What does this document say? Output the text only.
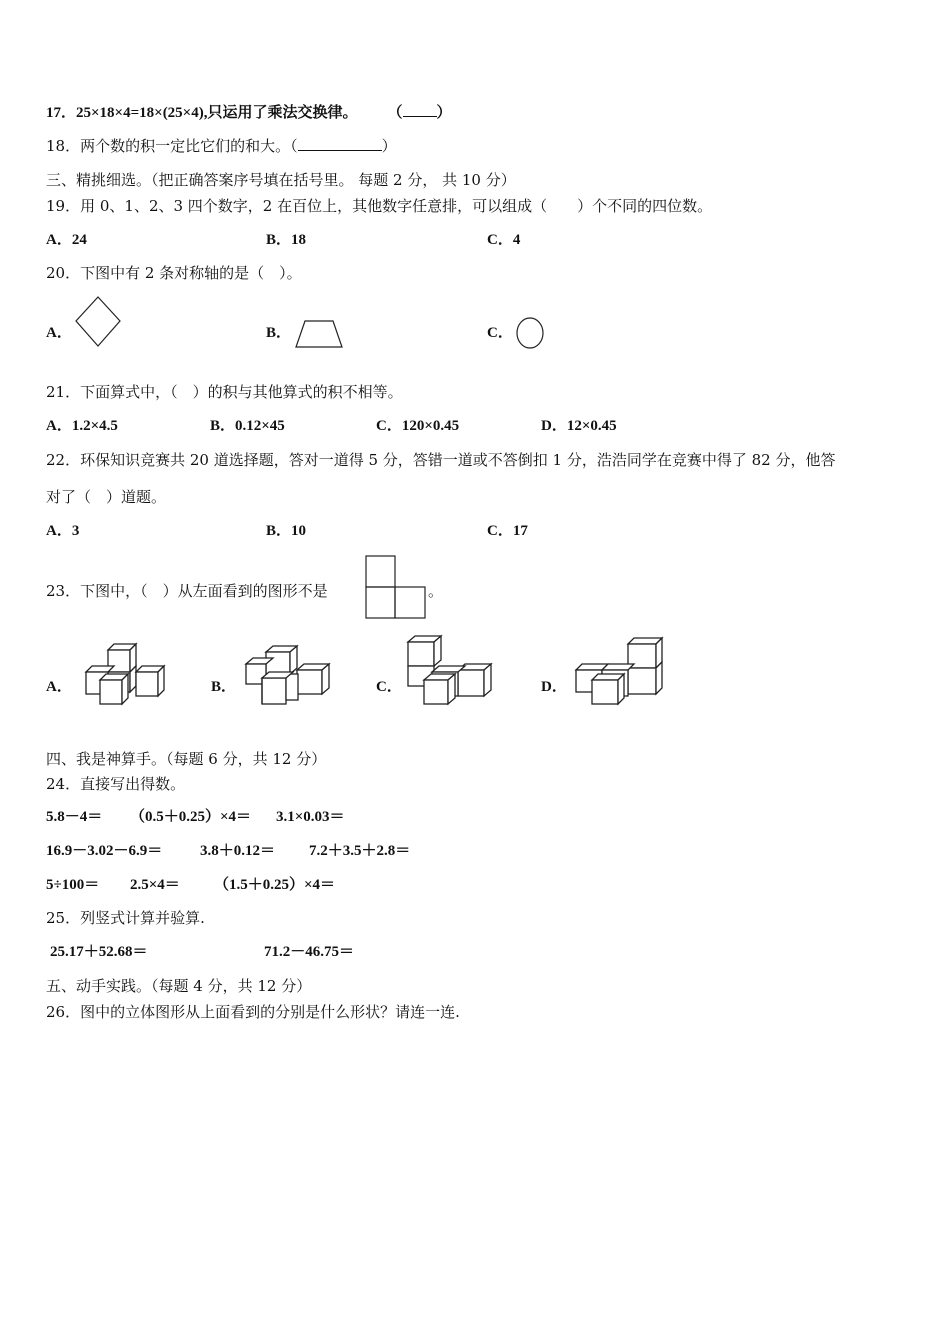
17．25×18×4=18×(25×4),只运用了乘法交换律。 （ ）
18．两个数的积一定比它们的和大。（	）
三、精挑细选。（把正确答案序号填在括号里。 每题 2 分， 共 10 分）
19．用 0、1、2、3 四个数字，2 在百位上，其他数字任意排，可以组成（　　）个不同的四位数。
A．24	B．18	C．4
20．下图中有 2 条对称轴的是（　）。
A．	B．	C．
21．下面算式中，（　）的积与其他算式的积不相等。
A．1.2×4.5	B．0.12×45	C．120×0.45	D．12×0.45
22．环保知识竞赛共 20 道选择题，答对一道得 5 分，答错一道或不答倒扣 1 分，浩浩同学在竞赛中得了 82 分，他答
对了（　）道题。
A．3	B．10	C．17
23．下图中，（　）从左面看到的图形不是	。
A．	B．	C．	D．
四、我是神算手。（每题 6 分，共 12 分）
24．直接写出得数。
5.8－4＝ （0.5＋0.25）×4＝ 3.1×0.03＝
16.9－3.02－6.9＝	3.8＋0.12＝ 7.2＋3.5＋2.8＝
5÷100＝ 2.5×4＝ （1.5＋0.25）×4＝
25．列竖式计算并验算.
25.17＋52.68＝	71.2－46.75＝
五、动手实践。（每题 4 分，共 12 分）
26．图中的立体图形从上面看到的分别是什么形状？请连一连.
